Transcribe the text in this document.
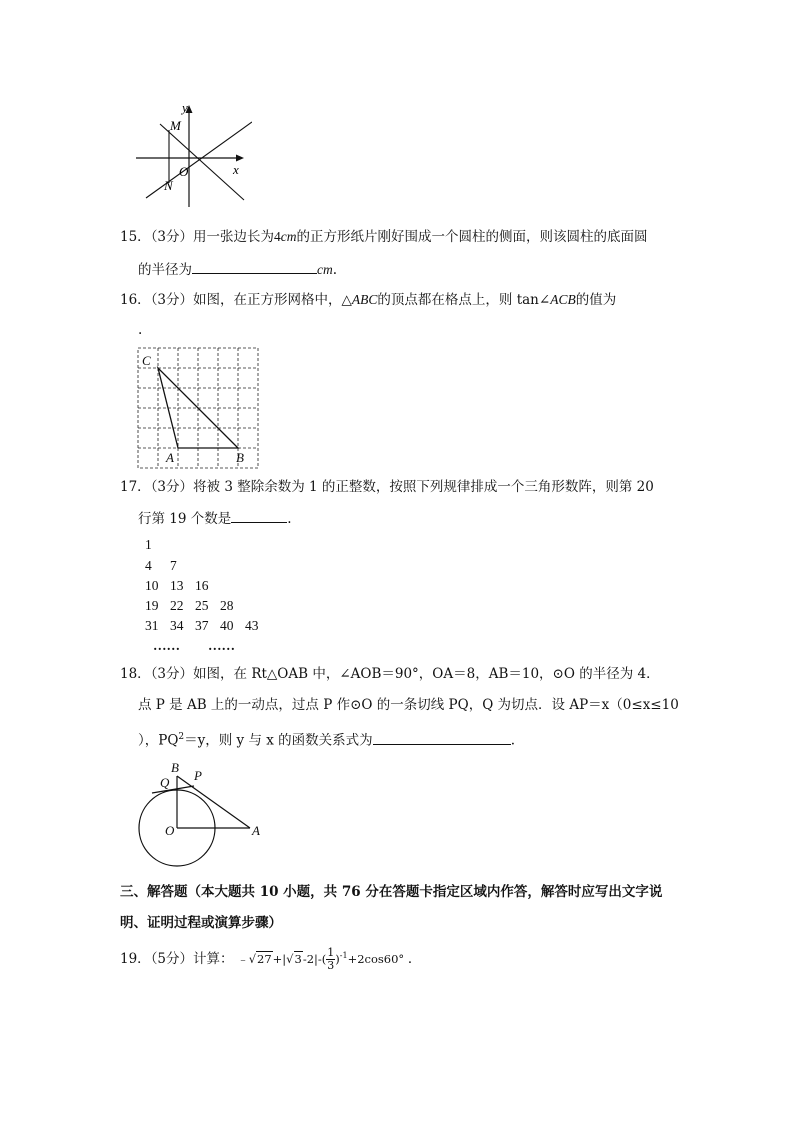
y
M
O	x
N
15．（3分）用一张边长为4cm的正方形纸片刚好围成一个圆柱的侧面，则该圆柱的底面圆
的半径为	cm.
16．（3分）如图，在正方形网格中，△ABC的顶点都在格点上，则 tan∠ACB的值为
.
C
A	B
17．（3分）将被 3 整除余数为 1 的正整数，按照下列规律排成一个三角形数阵，则第 20
行第 19 个数是	.
1
4 7
10 13 16
19 22 25 28
31 34 37 40 43
…… ……
18．（3分）如图，在 Rt△OAB 中，∠AOB＝90°，OA＝8，AB＝10，⊙O 的半径为 4．
点 P 是 AB 上的一动点，过点 P 作⊙O 的一条切线 PQ，Q 为切点．设 AP＝x（0≤x≤10
），$PQ^2=y$，则 y 与 x 的函数关系式为	.
B
P
Q
O	A
三、解答题（本大题共 10 小题，共 76 分在答题卡指定区域内作答，解答时应写出文字说
明、证明过程或演算步骤）
19．（5分）计算： ﹣√27+|√3-2|-( $\frac{1}{3} )^{-1}+2\cos 60^\circ$ ．
